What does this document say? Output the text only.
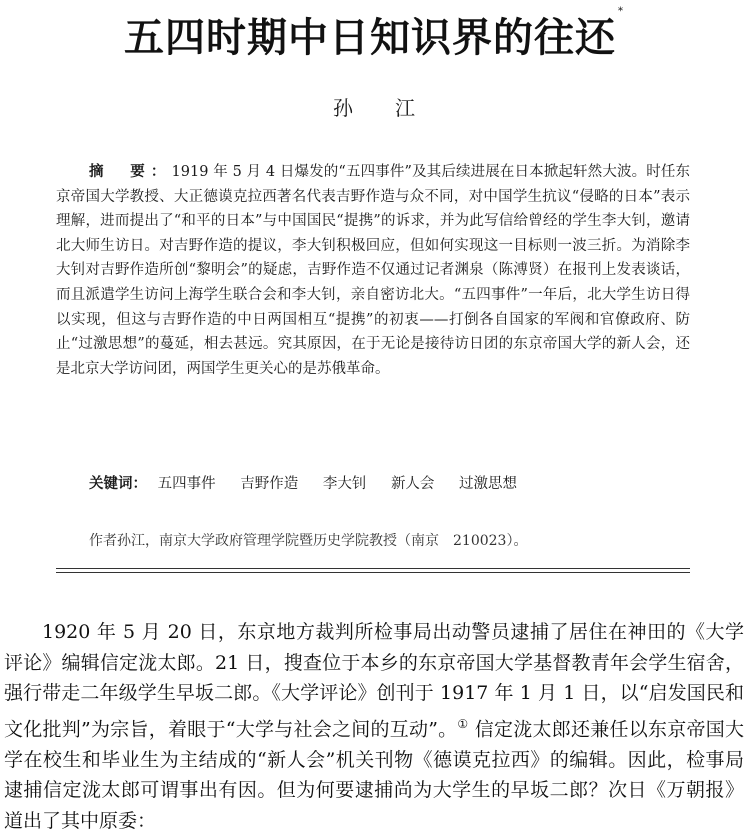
五四时期中日知识界的往还*
孙江
摘　要：1919 年 5 月 4 日爆发的“五四事件”及其后续进展在日本掀起轩然大波。时任东京帝国大学教授、大正德谟克拉西著名代表吉野作造与众不同，对中国学生抗议“侵略的日本”表示理解，进而提出了“和平的日本”与中国国民“提携”的诉求，并为此写信给曾经的学生李大钊，邀请北大师生访日。对吉野作造的提议，李大钊积极回应，但如何实现这一目标则一波三折。为消除李大钊对吉野作造所创“黎明会”的疑虑，吉野作造不仅通过记者渊泉（陈溥贤）在报刊上发表谈话，而且派遣学生访问上海学生联合会和李大钊，亲自密访北大。“五四事件”一年后，北大学生访日得以实现，但这与吉野作造的中日两国相互“提携”的初衷——打倒各自国家的军阀和官僚政府、防止“过激思想”的蔓延，相去甚远。究其原因，在于无论是接待访日团的东京帝国大学的新人会，还是北京大学访问团，两国学生更关心的是苏俄革命。
关键词： 五四事件 吉野作造 李大钊 新人会 过激思想
作者孙江，南京大学政府管理学院暨历史学院教授（南京　210023）。
1920 年 5 月 20 日，东京地方裁判所检事局出动警员逮捕了居住在神田的《大学评论》编辑信定泷太郎。21 日，搜查位于本乡的东京帝国大学基督教青年会学生宿舍，强行带走二年级学生早坂二郎。《大学评论》创刊于 1917 年 1 月 1 日，以“启发国民和文化批判”为宗旨，着眼于“大学与社会之间的互动”。① 信定泷太郎还兼任以东京帝国大学在校生和毕业生为主结成的“新人会”机关刊物《德谟克拉西》的编辑。因此，检事局逮捕信定泷太郎可谓事出有因。但为何要逮捕尚为大学生的早坂二郎？次日《万朝报》道出了其中原委：
